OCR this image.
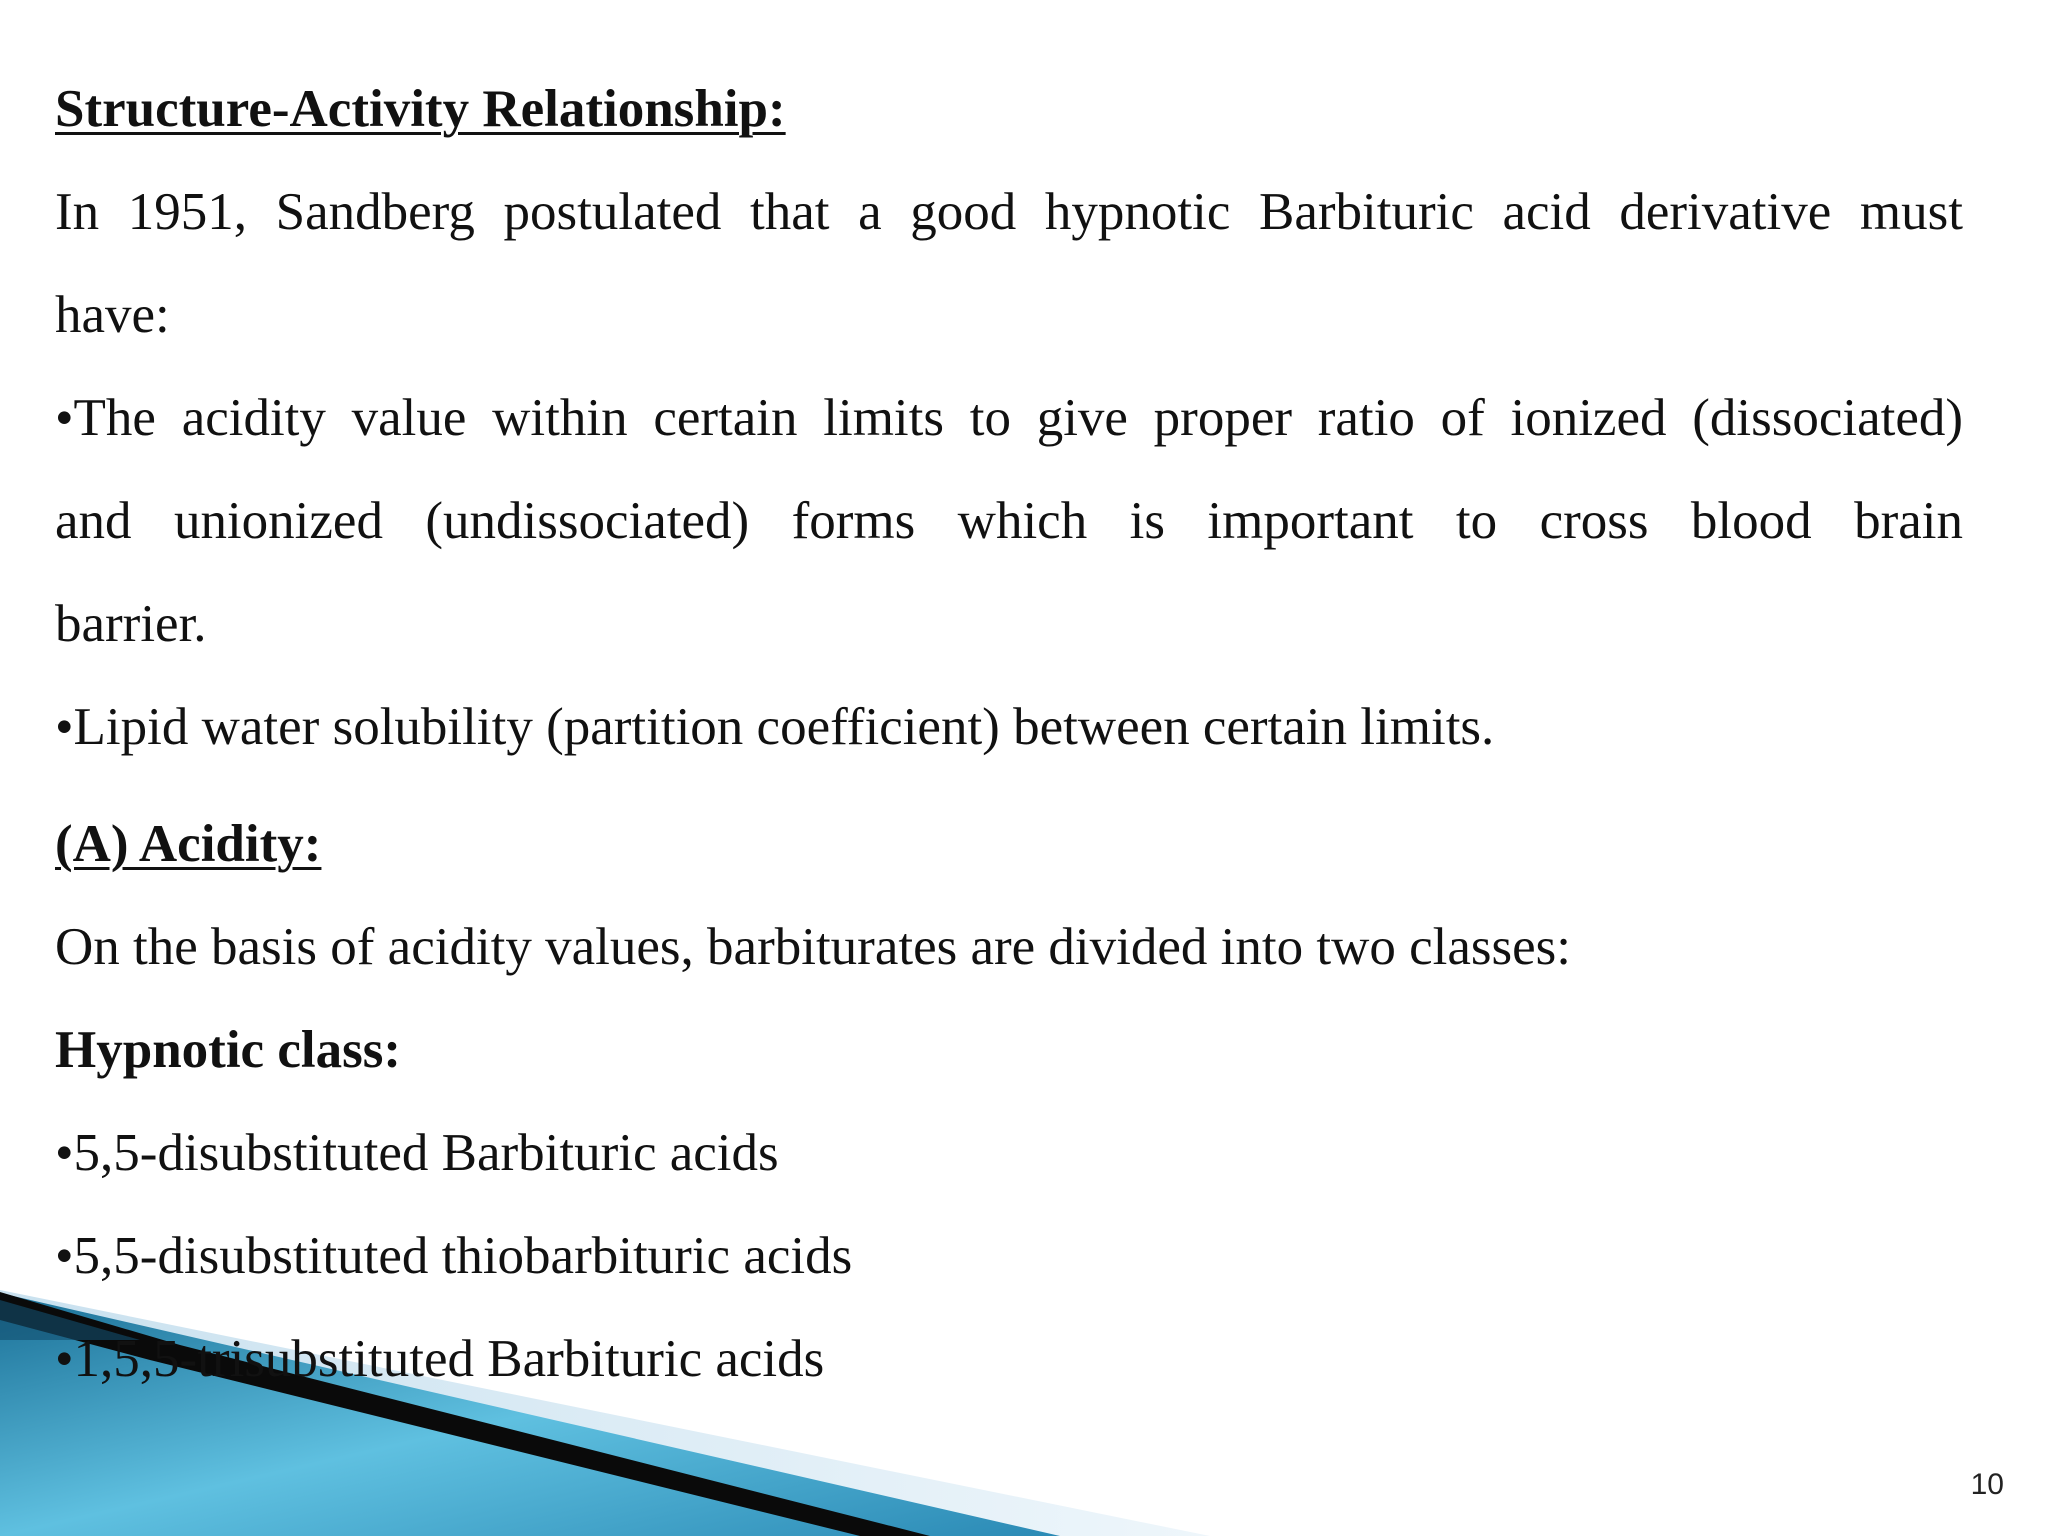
Structure-Activity Relationship:
In 1951, Sandberg postulated that a good hypnotic Barbituric acid derivative must
have:
•The acidity value within certain limits to give proper ratio of ionized (dissociated)
and unionized (undissociated) forms which is important to cross blood brain
barrier.
•Lipid water solubility (partition coefficient) between certain limits.
(A) Acidity:
On the basis of acidity values, barbiturates are divided into two classes:
Hypnotic class:
•5,5-disubstituted Barbituric acids
•5,5-disubstituted thiobarbituric acids
•1,5,5-trisubstituted Barbituric acids
10
